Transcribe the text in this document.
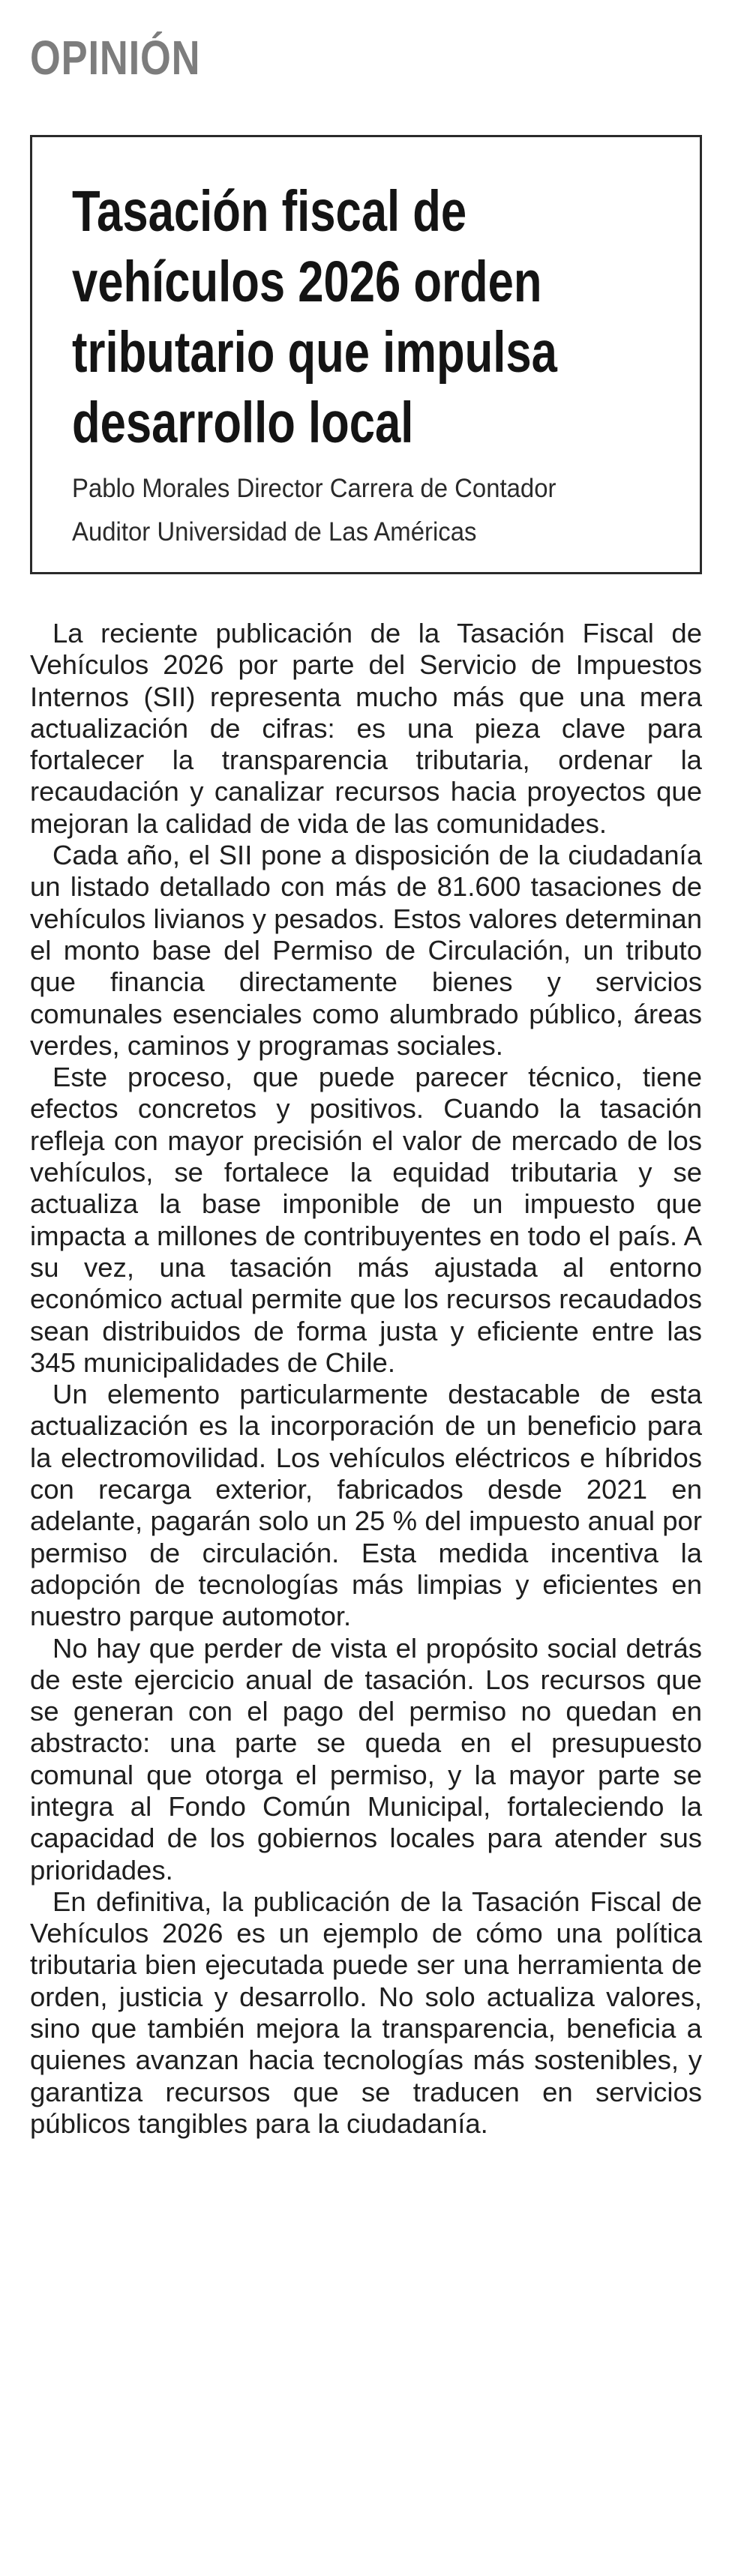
OPINIÓN
Tasación fiscal de
vehículos 2026 orden
tributario que impulsa
desarrollo local
Pablo Morales Director Carrera de Contador
Auditor Universidad de Las Américas

La reciente publicación de la Tasación Fiscal de Vehículos 2026 por parte del Servicio de Impuestos Internos (SII) representa mucho más que una mera actualización de cifras: es una pieza clave para fortalecer la transparencia tributaria, ordenar la recaudación y canalizar recursos hacia proyectos que mejoran la calidad de vida de las comunidades.

Cada año, el SII pone a disposición de la ciudadanía un listado detallado con más de 81.600 tasaciones de vehículos livianos y pesados. Estos valores determinan el monto base del Permiso de Circulación, un tributo que financia directamente bienes y servicios comunales esenciales como alumbrado público, áreas verdes, caminos y programas sociales.

Este proceso, que puede parecer técnico, tiene efectos concretos y positivos. Cuando la tasación refleja con mayor precisión el valor de mercado de los vehículos, se fortalece la equidad tributaria y se actualiza la base imponible de un impuesto que impacta a millones de contribuyentes en todo el país. A su vez, una tasación más ajustada al entorno económico actual permite que los recursos recaudados sean distribuidos de forma justa y eficiente entre las 345 municipalidades de Chile.

Un elemento particularmente destacable de esta actualización es la incorporación de un beneficio para la electromovilidad. Los vehículos eléctricos e híbridos con recarga exterior, fabricados desde 2021 en adelante, pagarán solo un 25 % del impuesto anual por permiso de circulación. Esta medida incentiva la adopción de tecnologías más limpias y eficientes en nuestro parque automotor.

No hay que perder de vista el propósito social detrás de este ejercicio anual de tasación. Los recursos que se generan con el pago del permiso no quedan en abstracto: una parte se queda en el presupuesto comunal que otorga el permiso, y la mayor parte se integra al Fondo Común Municipal, fortaleciendo la capacidad de los gobiernos locales para atender sus prioridades.

En definitiva, la publicación de la Tasación Fiscal de Vehículos 2026 es un ejemplo de cómo una política tributaria bien ejecutada puede ser una herramienta de orden, justicia y desarrollo. No solo actualiza valores, sino que también mejora la transparencia, beneficia a quienes avanzan hacia tecnologías más sostenibles, y garantiza recursos que se traducen en servicios públicos tangibles para la ciudadanía.
